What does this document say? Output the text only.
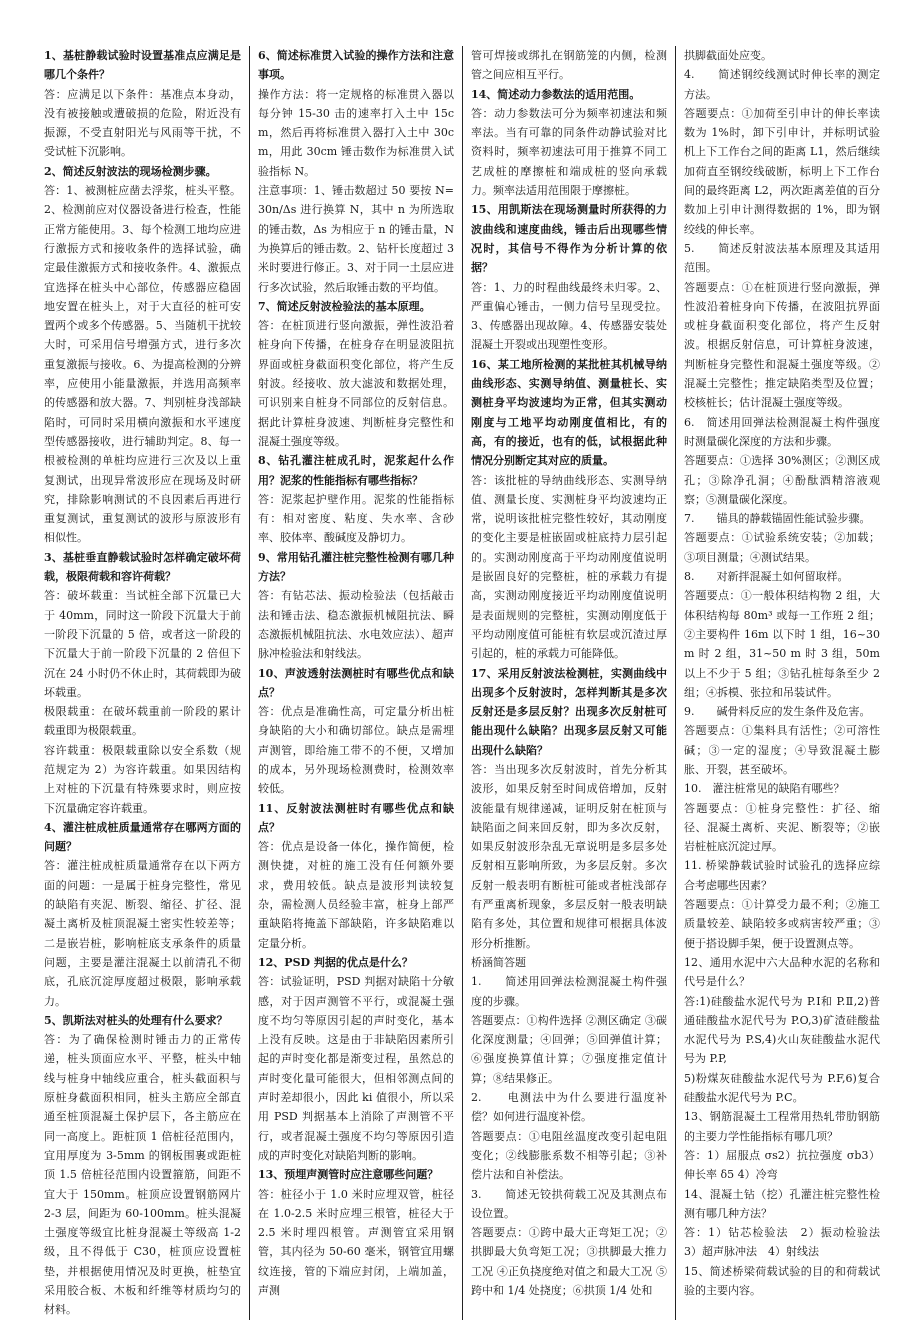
1、基桩静载试验时设置基准点应满足是哪几个条件？

答：应满足以下条件：基准点本身动，没有被接触或遭破损的危险，附近没有振源，不受直射阳光与风雨等干扰，不受试桩下沉影响。

2、简述反射波法的现场检测步骤。

答：1、被测桩应凿去浮浆，桩头平整。2、检测前应对仪器设备进行检查，性能正常方能使用。3、每个检测工地均应进行激振方式和接收条件的选择试验，确定最佳激振方式和接收条件。4、激振点宜选择在桩头中心部位，传感器应稳固地安置在桩头上，对于大直径的桩可安置两个或多个传感器。5、当随机干扰较大时，可采用信号增强方式，进行多次重复激振与接收。6、为提高检测的分辨率，应使用小能量激振，并选用高频率的传感器和放大器。7、判别桩身浅部缺陷时，可同时采用横向激振和水平速度型传感器接收，进行辅助判定。8、每一根被检测的单桩均应进行三次及以上重复测试，出现异常波形应在现场及时研究，排除影响测试的不良因素后再进行重复测试，重复测试的波形与原波形有相似性。

3、基桩垂直静载试验时怎样确定破坏荷载，极限荷载和容许荷载？

答：破坏载重：当试桩全部下沉量已大于 40mm，同时这一阶段下沉量大于前一阶段下沉量的 5 倍，或者这一阶段的下沉量大于前一阶段下沉量的 2 倍但下沉在 24 小时仍不休止时，其荷载即为破坏载重。

极限载重：在破坏载重前一阶段的累计载重即为极限载重。

容许载重：极限载重除以安全系数（规范规定为 2）为容许载重。如果因结构上对桩的下沉量有特殊要求时，则应按下沉量确定容许载重。

4、灌注桩成桩质量通常存在哪两方面的问题？

答：灌注桩成桩质量通常存在以下两方面的问题：一是属于桩身完整性，常见的缺陷有夹泥、断裂、缩径、扩径、混凝土离析及桩顶混凝土密实性较差等；二是嵌岩桩，影响桩底支承条件的质量问题，主要是灌注混凝土以前清孔不彻底，孔底沉淀厚度超过极限，影响承载力。

5、凯斯法对桩头的处理有什么要求？

答：为了确保检测时锤击力的正常传递，桩头顶面应水平、平整，桩头中轴线与桩身中轴线应重合，桩头截面积与原桩身截面积相同，桩头主筋应全部直通至桩顶混凝土保护层下，各主筋应在同一高度上。距桩顶 1 倍桩径范围内，宜用厚度为 3-5mm 的钢板围裹或距桩顶 1.5 倍桩径范围内设置箍筋，间距不宜大于 150mm。桩顶应设置钢筋网片 2-3 层，间距为 60-100mm。桩头混凝土强度等级宜比桩身混凝土等级高 1-2 级，且不得低于 C30，桩顶应设置桩垫，并根据使用情况及时更换，桩垫宜采用胶合板、木板和纤维等材质均匀的材料。

6、简述标准贯入试验的操作方法和注意事项。

操作方法：将一定规格的标准贯入器以每分钟 15-30 击的速率打入土中 15cm，然后再将标准贯入器打入土中 30cm，用此 30cm 锤击数作为标准贯入试验指标 N。

注意事项：1、锤击数超过 50 要按 N=30n/Δs 进行换算 N，其中 n 为所选取的锤击数，Δs 为相应于 n 的锤击量，N 为换算后的锤击数。2、钻杆长度超过 3 米时要进行修正。3、对于同一土层应进行多次试验，然后取锤击数的平均值。

7、简述反射波检验法的基本原理。

答：在桩顶进行竖向激振，弹性波沿着桩身向下传播，在桩身存在明显波阻抗界面或桩身截面积变化部位，将产生反射波。经接收、放大滤波和数据处理，可识别来自桩身不同部位的反射信息。据此计算桩身波速、判断桩身完整性和混凝土强度等级。

8、钻孔灌注桩成孔时，泥浆起什么作用？泥浆的性能指标有哪些指标？

答：泥浆起护壁作用。泥浆的性能指标有：相对密度、粘度、失水率、含砂率、胶体率、酸碱度及静切力。

9、常用钻孔灌注桩完整性检测有哪几种方法？

答：有钻芯法、振动检验法（包括敲击法和锤击法、稳态激振机械阻抗法、瞬态激振机械阻抗法、水电效应法）、超声脉冲检验法和射线法。

10、声波透射法测桩时有哪些优点和缺点？

答：优点是准确性高，可定量分析出桩身缺陷的大小和确切部位。缺点是需埋声测管，即给施工带不的不便，又增加的成本，另外现场检测费时，检测效率较低。

11、反射波法测桩时有哪些优点和缺点？

答：优点是设备一体化，操作简便，检测快捷，对桩的施工没有任何额外要求，费用较低。缺点是波形判读较复杂，需检测人员经验丰富，桩身上部严重缺陷将掩盖下部缺陷，许多缺陷难以定量分析。

12、PSD 判据的优点是什么？

答：试验证明，PSD 判据对缺陷十分敏感，对于因声测管不平行，或混凝土强度不均匀等原因引起的声时变化，基本上没有反映。这是由于非缺陷因素所引起的声时变化都是渐变过程，虽然总的声时变化量可能很大，但相邻测点间的声时差却很小，因此 ki 值很小，所以采用 PSD 判据基本上消除了声测管不平行，或者混凝土强度不均匀等原因引造成的声时变化对缺陷判断的影响。

13、预埋声测管时应注意哪些问题？

答：桩径小于 1.0 米时应埋双管，桩径在 1.0-2.5 米时应埋三根管，桩径大于 2.5 米时埋四根管。声测管宜采用钢管，其内径为 50-60 毫米，钢管宜用螺纹连接，管的下端应封闭，上端加盖，声测

管可焊接或绑扎在钢筋笼的内侧，检测管之间应相互平行。

14、简述动力参数法的适用范围。

答：动力参数法可分为频率初速法和频率法。当有可靠的同条件动静试验对比资料时，频率初速法可用于推算不同工艺成桩的摩擦桩和端成桩的竖向承载力。频率法适用范围限于摩擦桩。

15、用凯斯法在现场测量时所获得的力波曲线和速度曲线，锤击后出现哪些情况时，其信号不得作为分析计算的依据？

答：1、力的时程曲线最终未归零。2、严重偏心锤击，一侧力信号呈现受拉。3、传感器出现故障。4、传感器安装处混凝土开裂或出现塑性变形。

16、某工地所检测的某批桩其机械导纳曲线形态、实测导纳值、测量桩长、实测桩身平均波速均为正常，但其实测动刚度与工地平均动刚度值相比，有的高，有的接近，也有的低，试根据此种情况分别断定其对应的质量。

答：该批桩的导纳曲线形态、实测导纳值、测量长度、实测桩身平均波速均正常，说明该批桩完整性较好，其动刚度的变化主要是桩嵌固或桩底持力层引起的。实测动刚度高于平均动刚度值说明是嵌固良好的完整桩，桩的承载力有提高，实测动刚度接近平均动刚度值说明是表面规则的完整桩，实测动刚度低于平均动刚度值可能桩有软层或沉渣过厚引起的，桩的承载力可能降低。

17、采用反射波法检测桩，实测曲线中出现多个反射波时，怎样判断其是多次反射还是多层反射？出现多次反射桩可能出现什么缺陷？出现多层反射又可能出现什么缺陷？

答：当出现多次反射波时，首先分析其波形，如果反射至时间成倍增加，反射波能量有规律递减，证明反射在桩顶与缺陷面之间来回反射，即为多次反射，如果反射波形杂乱无章说明是多层多处反射相互影响所致，为多层反射。多次反射一般表明有断桩可能或者桩浅部存有严重离析现象，多层反射一般表明缺陷有多处，其位置和规律可根据具体波形分析推断。

桥涵简答题

1.　　简述用回弹法检测混凝土构件强度的步骤。

答题要点：①构件选择 ②测区确定 ③碳化深度测量；④回弹；⑤回弹值计算；⑥强度换算值计算；⑦强度推定值计算；⑧结果修正。

2.　　电测法中为什么要进行温度补偿？如何进行温度补偿。

答题要点：①电阻丝温度改变引起电阻变化；②线膨胀系数不相等引起；③补偿片法和自补偿法。

3.　　简述无铰拱荷载工况及其测点布设位置。

答题要点：①跨中最大正弯矩工况；②拱脚最大负弯矩工况；③拱脚最大推力工况 ④正负挠度绝对值之和最大工况 ⑤跨中和 1/4 处挠度；⑥拱顶 1/4 处和

拱脚截面处应变。

4.　　简述钢绞线测试时伸长率的测定方法。

答题要点：①加荷至引申计的伸长率读数为 1%时，卸下引申计，并标明试验机上下工作台之间的距离 L1，然后继续加荷直至钢绞线破断，标明上下工作台间的最终距离 L2，两次距离差值的百分数加上引申计测得数据的 1%，即为钢绞线的伸长率。

5.　　简述反射波法基本原理及其适用范围。

答题要点：①在桩顶进行竖向激振，弹性波沿着桩身向下传播，在波阻抗界面或桩身截面积变化部位，将产生反射波。根据反射信息，可计算桩身波速，判断桩身完整性和混凝土强度等级。②混凝土完整性；推定缺陷类型及位置；校核桩长；估计混凝土强度等级。

6.　简述用回弹法检测混凝土构件强度时测量碳化深度的方法和步骤。

答题要点：①选择 30%测区；②测区成孔；③除净孔洞；④酚酞酒精溶液观察；⑤测量碳化深度。

7.　　锚具的静载锚固性能试验步骤。

答题要点：①试验系统安装；②加载；③项目测量；④测试结果。

8.　　对新拌混凝土如何留取样。

答题要点：①一般体积结构物 2 组，大体积结构每 80m³ 或每一工作班 2 组；②主要构件 16m 以下时 1 组，16~30m 时 2 组，31~50 m 时 3 组，50m 以上不少于 5 组；③钻孔桩每条至少 2 组；④拆模、张拉和吊装试件。

9.　　碱骨料反应的发生条件及危害。

答题要点：①集料具有活性；②可溶性碱；③一定的湿度；④导致混凝土膨胀、开裂，甚至破坏。

10.　灌注桩常见的缺陷有哪些？

答题要点：①桩身完整性：扩径、缩径、混凝土离析、夹泥、断裂等；②嵌岩桩桩底沉淀过厚。

11. 桥梁静载试验时试验孔的选择应综合考虑哪些因素？

答题要点：①计算受力最不利；②施工质量较差、缺陷较多或病害较严重；③便于搭设脚手架，便于设置测点等。

12、通用水泥中六大品种水泥的名称和代号是什么？

答:1)硅酸盐水泥代号为 P.Ⅰ和 P.Ⅱ,2)普通硅酸盐水泥代号为 P.O,3)矿渣硅酸盐水泥代号为 P.S,4)火山灰硅酸盐水泥代号为 P.P,

5)粉煤灰硅酸盐水泥代号为 P.F,6)复合硅酸盐水泥代号为 P.C。

13、钢筋混凝土工程常用热轧带肋钢筋的主要力学性能指标有哪几项？

答：1）屈服点 σs2）抗拉强度 σb3）伸长率 δ5 4）冷弯

14、混凝土钻（挖）孔灌注桩完整性检测有哪几种方法？

答：1）钻芯检验法　2）振动检验法　3）超声脉冲法　4）射线法

15、简述桥梁荷载试验的目的和荷载试验的主要内容。
